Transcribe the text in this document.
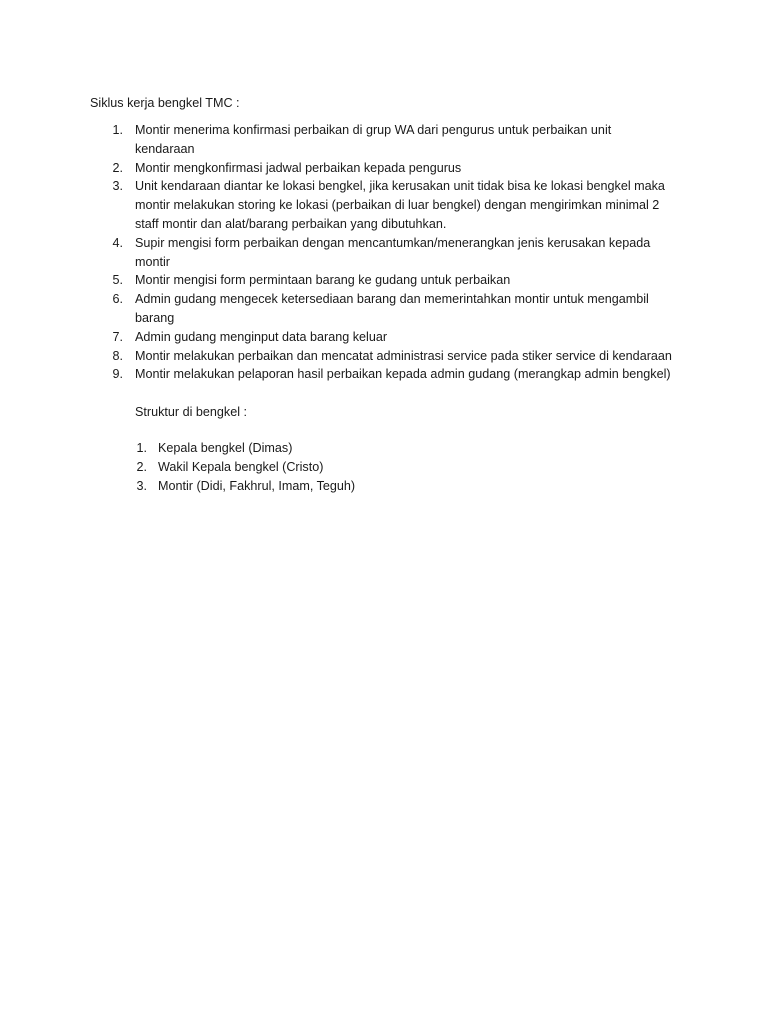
Siklus kerja bengkel TMC :
1. Montir menerima konfirmasi perbaikan di grup WA dari pengurus untuk perbaikan unit
kendaraan
2. Montir mengkonfirmasi jadwal perbaikan kepada pengurus
3. Unit kendaraan diantar ke lokasi bengkel, jika kerusakan unit tidak bisa ke lokasi bengkel maka
montir melakukan storing ke lokasi (perbaikan di luar bengkel) dengan mengirimkan minimal 2
staff montir dan alat/barang perbaikan yang dibutuhkan.
4. Supir mengisi form perbaikan dengan mencantumkan/menerangkan jenis kerusakan kepada
montir
5. Montir mengisi form permintaan barang ke gudang untuk perbaikan
6. Admin gudang mengecek ketersediaan barang dan memerintahkan montir untuk mengambil
barang
7. Admin gudang menginput data barang keluar
8. Montir melakukan perbaikan dan mencatat administrasi service pada stiker service di kendaraan
9. Montir melakukan pelaporan hasil perbaikan kepada admin gudang (merangkap admin bengkel)
Struktur di bengkel :
1. Kepala bengkel (Dimas)
2. Wakil Kepala bengkel (Cristo)
3. Montir (Didi, Fakhrul, Imam, Teguh)
